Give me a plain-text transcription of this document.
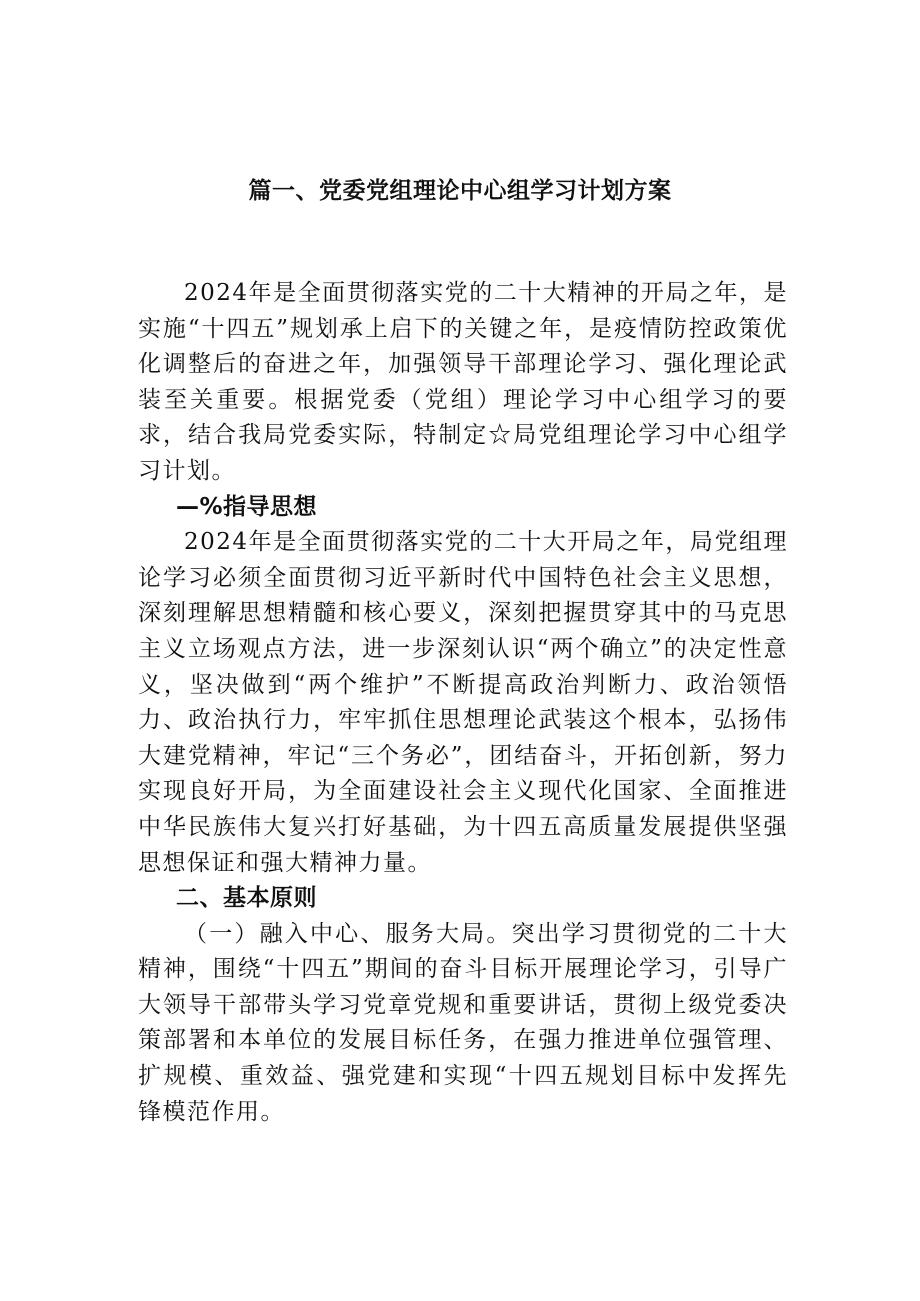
篇一、党委党组理论中心组学习计划方案

2024年是全面贯彻落实党的二十大精神的开局之年，是实施“十四五”规划承上启下的关键之年，是疫情防控政策优化调整后的奋进之年，加强领导干部理论学习、强化理论武装至关重要。根据党委（党组）理论学习中心组学习的要求，结合我局党委实际，特制定☆局党组理论学习中心组学习计划。

—%指导思想

2024年是全面贯彻落实党的二十大开局之年，局党组理论学习必须全面贯彻习近平新时代中国特色社会主义思想，深刻理解思想精髓和核心要义，深刻把握贯穿其中的马克思主义立场观点方法，进一步深刻认识“两个确立”的决定性意义，坚决做到“两个维护”不断提高政治判断力、政治领悟力、政治执行力，牢牢抓住思想理论武装这个根本，弘扬伟大建党精神，牢记“三个务必”，团结奋斗，开拓创新，努力实现良好开局，为全面建设社会主义现代化国家、全面推进中华民族伟大复兴打好基础，为十四五高质量发展提供坚强思想保证和强大精神力量。

二、基本原则

（一）融入中心、服务大局。突出学习贯彻党的二十大精神，围绕“十四五”期间的奋斗目标开展理论学习，引导广大领导干部带头学习党章党规和重要讲话，贯彻上级党委决策部署和本单位的发展目标任务，在强力推进单位强管理、扩规模、重效益、强党建和实现“十四五规划目标中发挥先锋模范作用。
